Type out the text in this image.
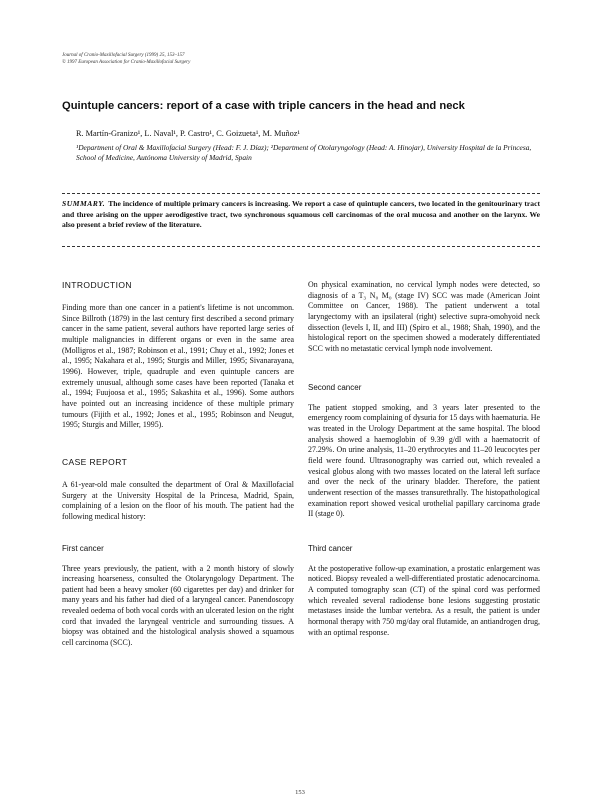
Journal of Cranio-Maxillofacial Surgery (1999) 25, 153–157
© 1997 European Association for Cranio-Maxillofacial Surgery
Quintuple cancers: report of a case with triple cancers in the head and neck
R. Martín-Granizo¹, L. Naval¹, P. Castro¹, C. Goizueta¹, M. Muñoz¹
¹Department of Oral & Maxillofacial Surgery (Head: F. J. Díaz); ²Department of Otolaryngology (Head: A. Hinojar), University Hospital de la Princesa, School of Medicine, Autónoma University of Madrid, Spain
SUMMARY. The incidence of multiple primary cancers is increasing. We report a case of quintuple cancers, two located in the genitourinary tract and three arising on the upper aerodigestive tract, two synchronous squamous cell carcinomas of the oral mucosa and another on the larynx. We also present a brief review of the literature.
INTRODUCTION

Finding more than one cancer in a patient's lifetime is not uncommon. Since Billroth (1879) in the last century first described a second primary cancer in the same patient, several authors have reported large series of multiple malignancies in different organs or even in the same area (Molligros et al., 1987; Robinson et al., 1991; Chuy et al., 1992; Jones et al., 1995; Nakahara et al., 1995; Sturgis and Miller, 1995; Sivanarayana, 1996). However, triple, quadruple and even quintuple cancers are extremely unusual, although some cases have been reported (Tanaka et al., 1994; Fuujoosa et al., 1995; Sakashita et al., 1996). Some authors have pointed out an increasing incidence of these multiple primary tumours (Fijith et al., 1992; Jones et al., 1995; Robinson and Neugut, 1995; Sturgis and Miller, 1995).

CASE REPORT

A 61-year-old male consulted the department of Oral & Maxillofacial Surgery at the University Hospital de la Princesa, Madrid, Spain, complaining of a lesion on the floor of his mouth. The patient had the following medical history:

First cancer

Three years previously, the patient, with a 2 month history of slowly increasing hoarseness, consulted the Otolaryngology Department. The patient had been a heavy smoker (60 cigarettes per day) and drinker for many years and his father had died of a laryngeal cancer. Panendoscopy revealed oedema of both vocal cords with an ulcerated lesion on the right cord that invaded the laryngeal ventricle and surrounding tissues. A biopsy was obtained and the histological analysis showed a squamous cell carcinoma (SCC).

On physical examination, no cervical lymph nodes were detected, so diagnosis of a T₃ N₀ M₀ (stage IV) SCC was made (American Joint Committee on Cancer, 1988). The patient underwent a total laryngectomy with an ipsilateral (right) selective supra-omohyoid neck dissection (levels I, II, and III) (Spiro et al., 1988; Shah, 1990), and the histological report on the specimen showed a moderately differentiated SCC with no metastatic cervical lymph node involvement.

Second cancer

The patient stopped smoking, and 3 years later presented to the emergency room complaining of dysuria for 15 days with haematuria. He was treated in the Urology Department at the same hospital. The blood analysis showed a haemoglobin of 9.39 g/dl with a haematocrit of 27.29%. On urine analysis, 11–20 erythrocytes and 11–20 leucocytes per field were found. Ultrasonography was carried out, which revealed a vesical globus along with two masses located on the lateral left surface and over the neck of the urinary bladder. Therefore, the patient underwent resection of the masses transurethrally. The histopathological examination report showed vesical urothelial papillary carcinoma grade II (stage 0).

Third cancer

At the postoperative follow-up examination, a prostatic enlargement was noticed. Biopsy revealed a well-differentiated prostatic adenocarcinoma. A computed tomography scan (CT) of the spinal cord was performed which revealed several radiodense bone lesions suggesting prostatic metastases inside the lumbar vertebra. As a result, the patient is under hormonal therapy with 750 mg/day oral flutamide, an antiandrogen drug, with an optimal response.

153
